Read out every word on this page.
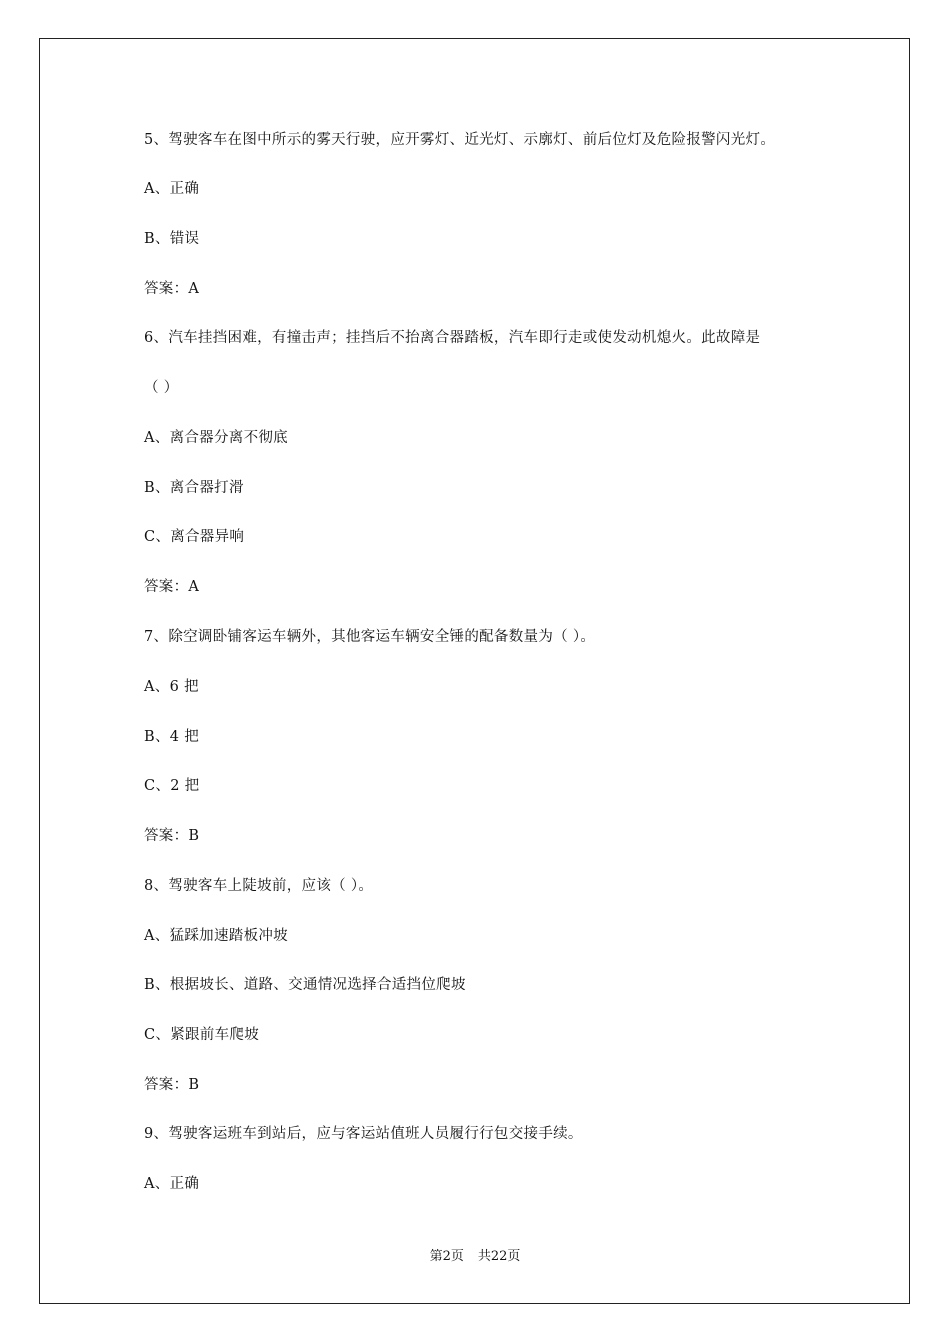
5、驾驶客车在图中所示的雾天行驶，应开雾灯、近光灯、示廓灯、前后位灯及危险报警闪光灯。
A、正确
B、错误
答案：A
6、汽车挂挡困难，有撞击声；挂挡后不抬离合器踏板，汽车即行走或使发动机熄火。此故障是
（ ）
A、离合器分离不彻底
B、离合器打滑
C、离合器异响
答案：A
7、除空调卧铺客运车辆外，其他客运车辆安全锤的配备数量为（ ）。
A、6 把
B、4 把
C、2 把
答案：B
8、驾驶客车上陡坡前，应该（ ）。
A、猛踩加速踏板冲坡
B、根据坡长、道路、交通情况选择合适挡位爬坡
C、紧跟前车爬坡
答案：B
9、驾驶客运班车到站后，应与客运站值班人员履行行包交接手续。
A、正确
第2页 共22页
